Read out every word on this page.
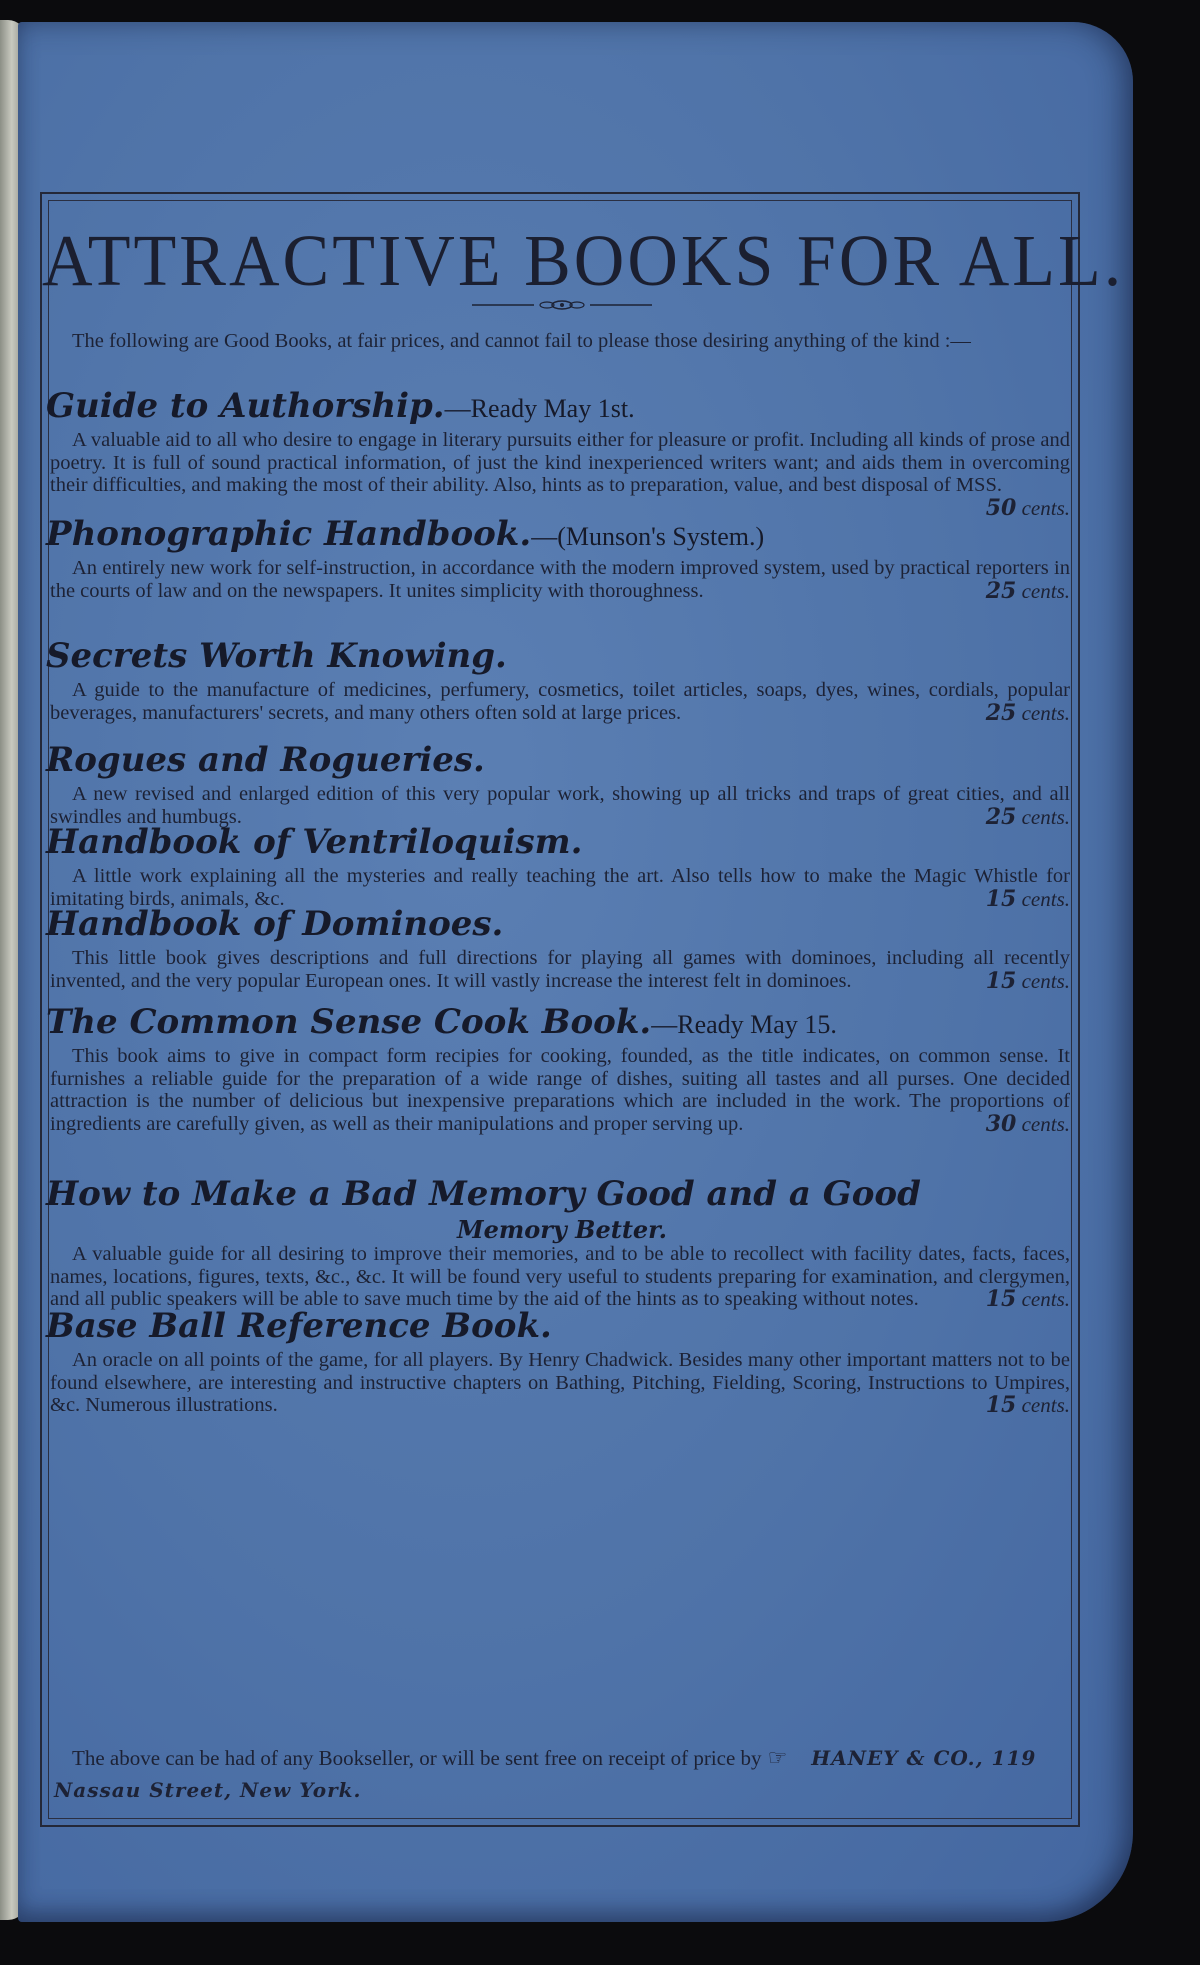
ATTRACTIVE BOOKS FOR ALL.
The following are Good Books, at fair prices, and cannot fail to please those desiring anything of the kind :—
Guide to Authorship.—Ready May 1st.
A valuable aid to all who desire to engage in literary pursuits either for pleasure or profit. Including all kinds of prose and poetry. It is full of sound practical information, of just the kind inexperienced writers want; and aids them in overcoming their difficulties, and making the most of their ability. Also, hints as to preparation, value, and best disposal of MSS.
50 cents.
Phonographic Handbook.—(Munson's System.)
An entirely new work for self-instruction, in accordance with the modern improved system, used by practical reporters in the courts of law and on the newspapers. It unites simplicity with thoroughness.	25 cents.
Secrets Worth Knowing.
A guide to the manufacture of medicines, perfumery, cosmetics, toilet articles, soaps, dyes, wines, cordials, popular beverages, manufacturers' secrets, and many others often sold at large prices.	25 cents.
Rogues and Rogueries.
A new revised and enlarged edition of this very popular work, showing up all tricks and traps of great cities, and all swindles and humbugs.	25 cents.
Handbook of Ventriloquism.
A little work explaining all the mysteries and really teaching the art. Also tells how to make the Magic Whistle for imitating birds, animals, &c.	15 cents.
Handbook of Dominoes.
This little book gives descriptions and full directions for playing all games with dominoes, including all recently invented, and the very popular European ones. It will vastly increase the interest felt in dominoes.	15 cents.
The Common Sense Cook Book.—Ready May 15.
This book aims to give in compact form recipies for cooking, founded, as the title indicates, on common sense. It furnishes a reliable guide for the preparation of a wide range of dishes, suiting all tastes and all purses. One decided attraction is the number of delicious but inexpensive preparations which are included in the work. The proportions of ingredients are carefully given, as well as their manipulations and proper serving up.	30 cents.
How to Make a Bad Memory Good and a Good
Memory Better.
A valuable guide for all desiring to improve their memories, and to be able to recollect with facility dates, facts, faces, names, locations, figures, texts, &c., &c. It will be found very useful to students preparing for examination, and clergymen, and all public speakers will be able to save much time by the aid of the hints as to speaking without notes.	15 cents.
Base Ball Reference Book.
An oracle on all points of the game, for all players. By Henry Chadwick. Besides many other important matters not to be found elsewhere, are interesting and instructive chapters on Bathing, Pitching, Fielding, Scoring, Instructions to Umpires, &c. Numerous illustrations.	15 cents.
The above can be had of any Bookseller, or will be sent free on receipt of price by ☞ HANEY & CO., 119 Nassau Street, New York.
